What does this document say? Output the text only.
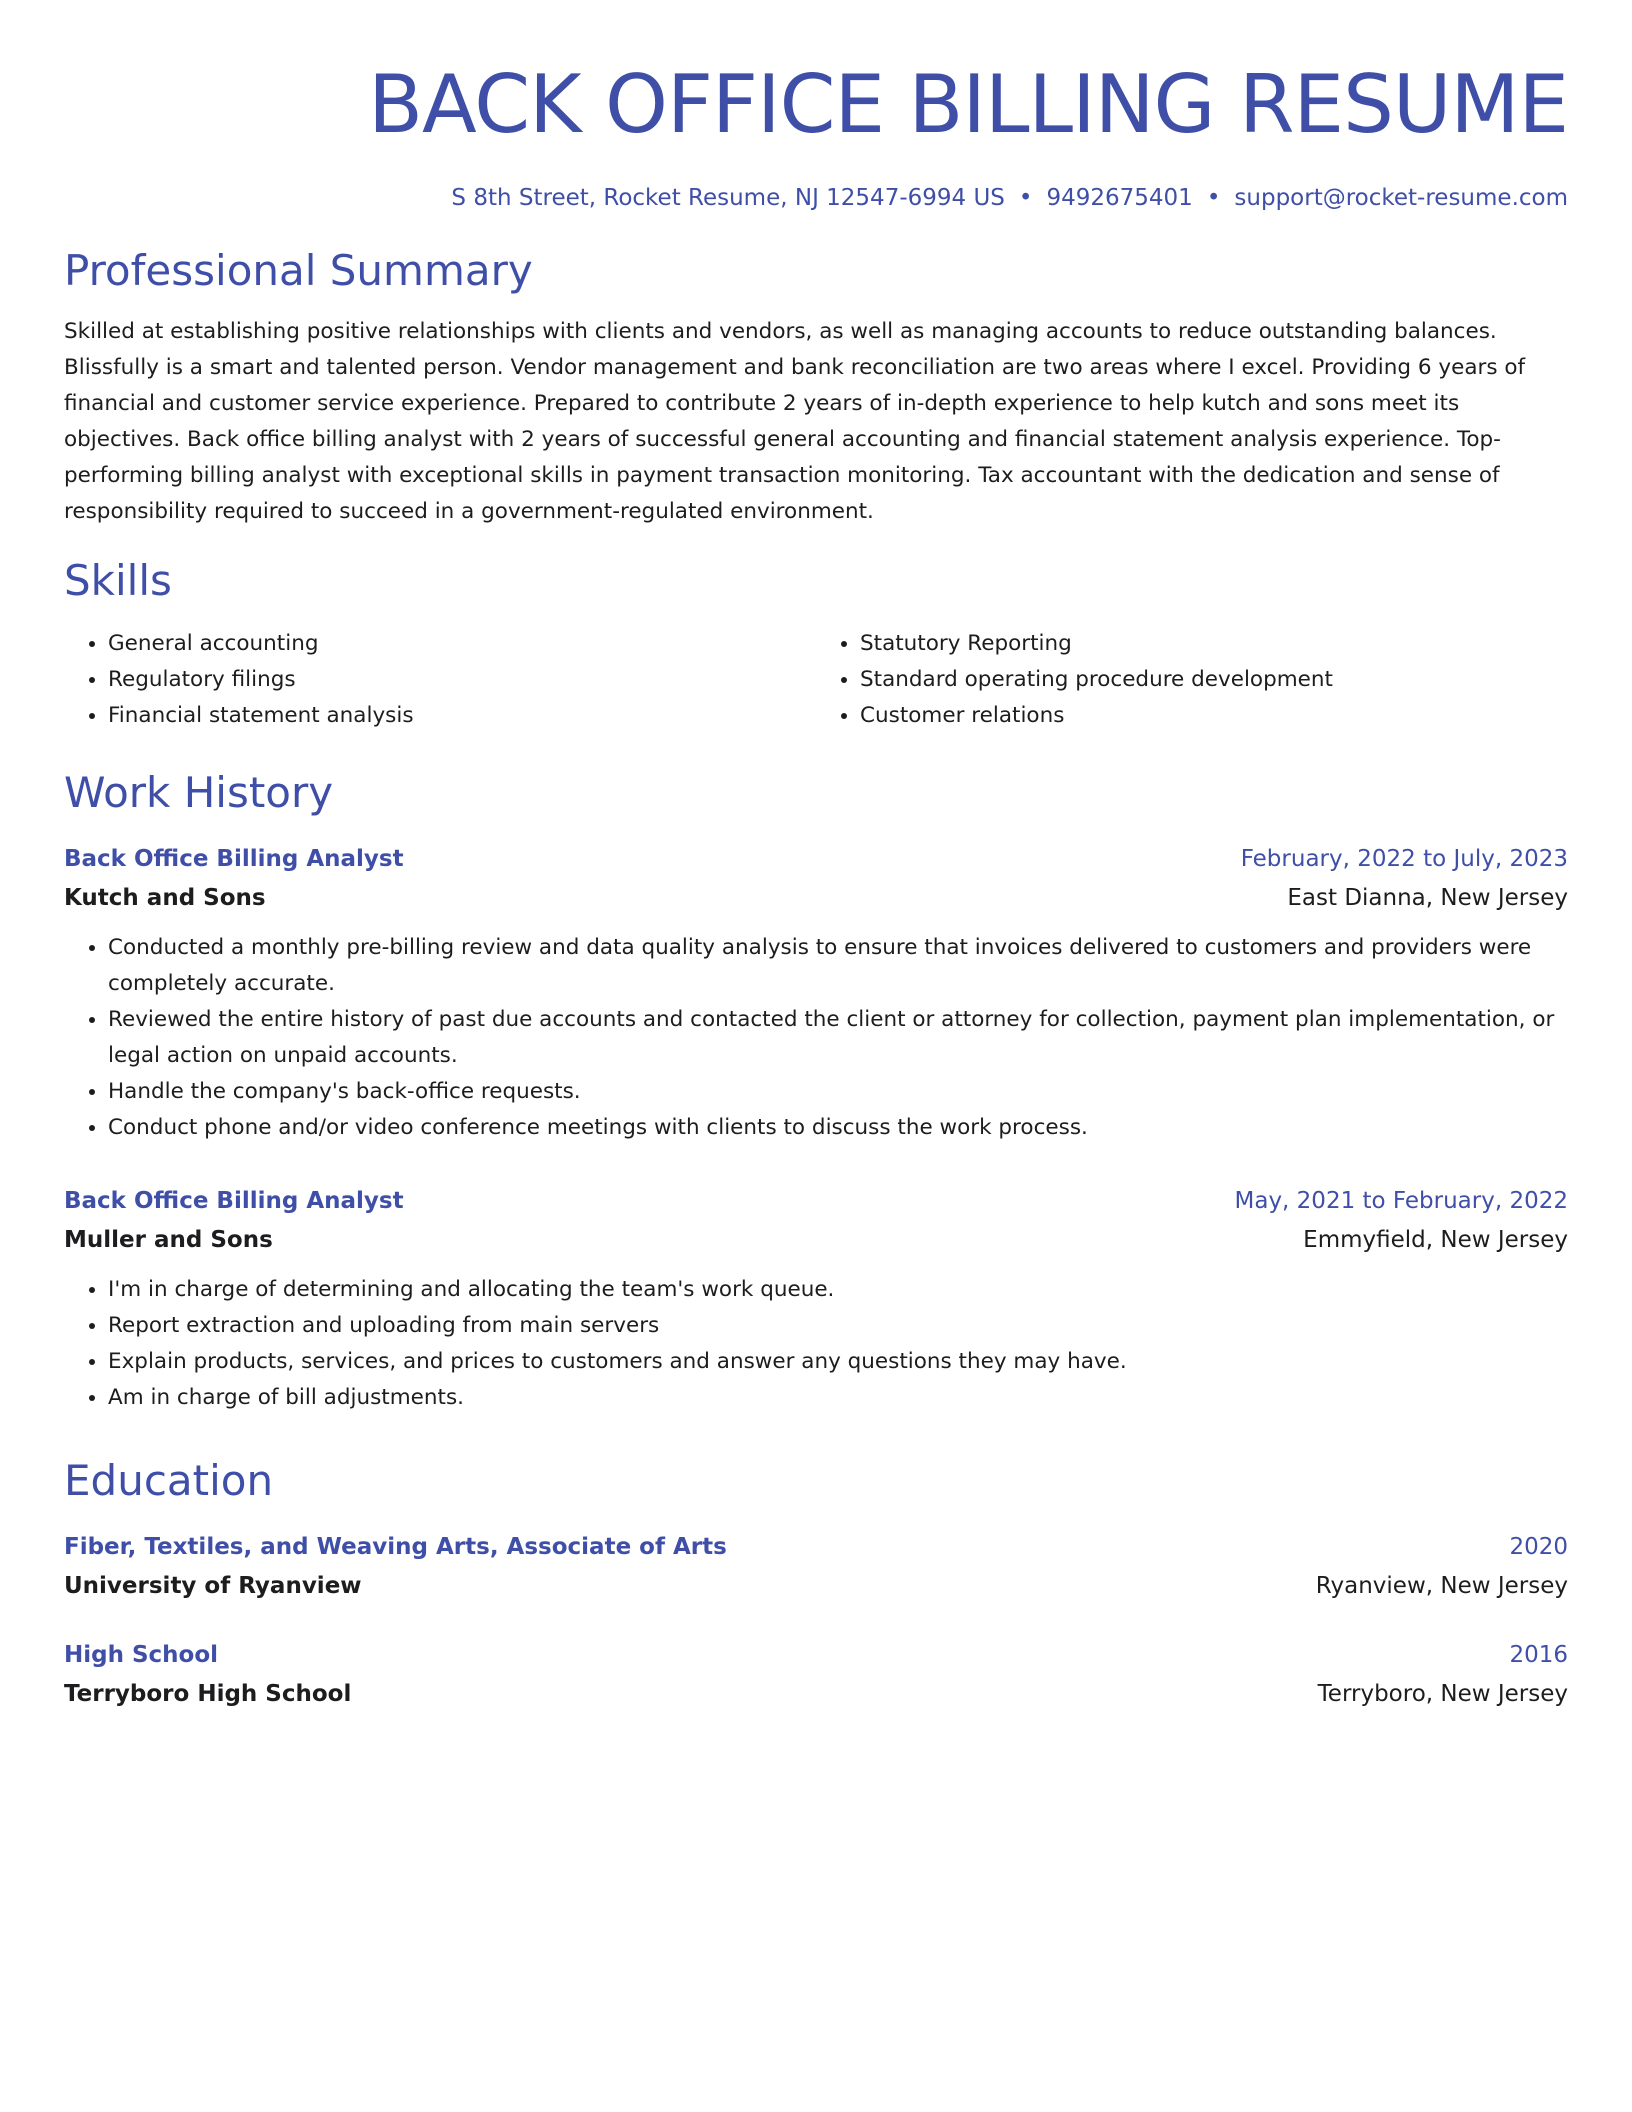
BACK OFFICE BILLING RESUME
S 8th Street, Rocket Resume, NJ 12547-6994 US • 9492675401 • support@rocket-resume.com
Professional Summary
Skilled at establishing positive relationships with clients and vendors, as well as managing accounts to reduce outstanding balances. Blissfully is a smart and talented person. Vendor management and bank reconciliation are two areas where I excel. Providing 6 years of financial and customer service experience. Prepared to contribute 2 years of in-depth experience to help kutch and sons meet its objectives. Back office billing analyst with 2 years of successful general accounting and financial statement analysis experience. Top-performing billing analyst with exceptional skills in payment transaction monitoring. Tax accountant with the dedication and sense of responsibility required to succeed in a government-regulated environment.
Skills
• General accounting
• Regulatory filings
• Financial statement analysis
• Statutory Reporting
• Standard operating procedure development
• Customer relations
Work History
Back Office Billing Analyst	February, 2022 to July, 2023
Kutch and Sons	East Dianna, New Jersey
• Conducted a monthly pre-billing review and data quality analysis to ensure that invoices delivered to customers and providers were completely accurate.
• Reviewed the entire history of past due accounts and contacted the client or attorney for collection, payment plan implementation, or legal action on unpaid accounts.
• Handle the company's back-office requests.
• Conduct phone and/or video conference meetings with clients to discuss the work process.
Back Office Billing Analyst	May, 2021 to February, 2022
Muller and Sons	Emmyfield, New Jersey
• I'm in charge of determining and allocating the team's work queue.
• Report extraction and uploading from main servers
• Explain products, services, and prices to customers and answer any questions they may have.
• Am in charge of bill adjustments.
Education
Fiber, Textiles, and Weaving Arts, Associate of Arts	2020
University of Ryanview	Ryanview, New Jersey
High School	2016
Terryboro High School	Terryboro, New Jersey
